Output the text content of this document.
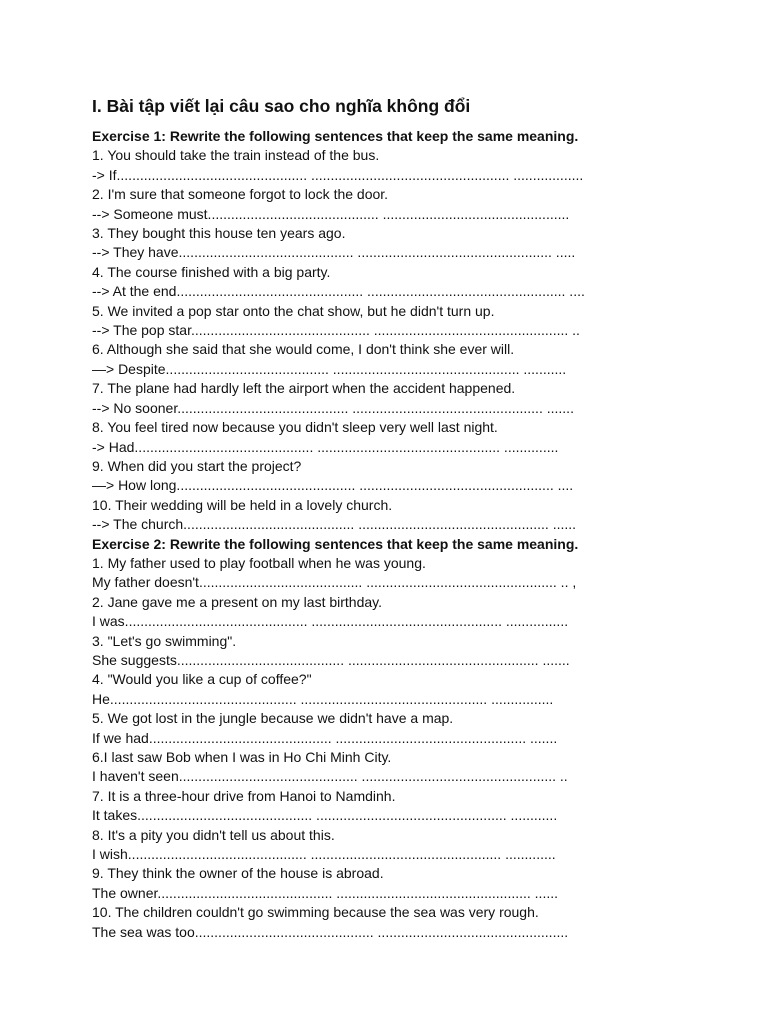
I. Bài tập viết lại câu sao cho nghĩa không đổi
Exercise 1: Rewrite the following sentences that keep the same meaning.
1. You should take the train instead of the bus.
-> If................................................. ................................................... ..................
2. I'm sure that someone forgot to lock the door.
--> Someone must............................................ ................................................
3. They bought this house ten years ago.
--> They have............................................. .................................................. .....
4. The course finished with a big party.
--> At the end................................................ ................................................... ....
5. We invited a pop star onto the chat show, but he didn't turn up.
--> The pop star.............................................. .................................................. ..
6. Although she said that she would come, I don't think she ever will.
—> Despite.......................................... ................................................ ...........
7. The plane had hardly left the airport when the accident happened.
--> No sooner............................................ ................................................. .......
8. You feel tired now because you didn't sleep very well last night.
-> Had.............................................. ............................................... ..............
9. When did you start the project?
—> How long.............................................. .................................................. ....
10. Their wedding will be held in a lovely church.
--> The church............................................ ................................................. ......
Exercise 2: Rewrite the following sentences that keep the same meaning.
1. My father used to play football when he was young.
My father doesn't.......................................... ................................................. .. ,
2. Jane gave me a present on my last birthday.
I was............................................... ................................................. ................
3. "Let's go swimming".
She suggests........................................... ................................................. .......
4. "Would you like a cup of coffee?"
He................................................ ................................................ ................
5. We got lost in the jungle because we didn't have a map.
If we had............................................... ................................................. .......
6.I last saw Bob when I was in Ho Chi Minh City.
I haven't seen.............................................. .................................................. ..
7. It is a three-hour drive from Hanoi to Namdinh.
It takes............................................. ................................................. ............
8. It's a pity you didn't tell us about this.
I wish.............................................. ................................................. .............
9. They think the owner of the house is abroad.
The owner............................................. .................................................. ......
10. The children couldn't go swimming because the sea was very rough.
The sea was too.............................................. .................................................
